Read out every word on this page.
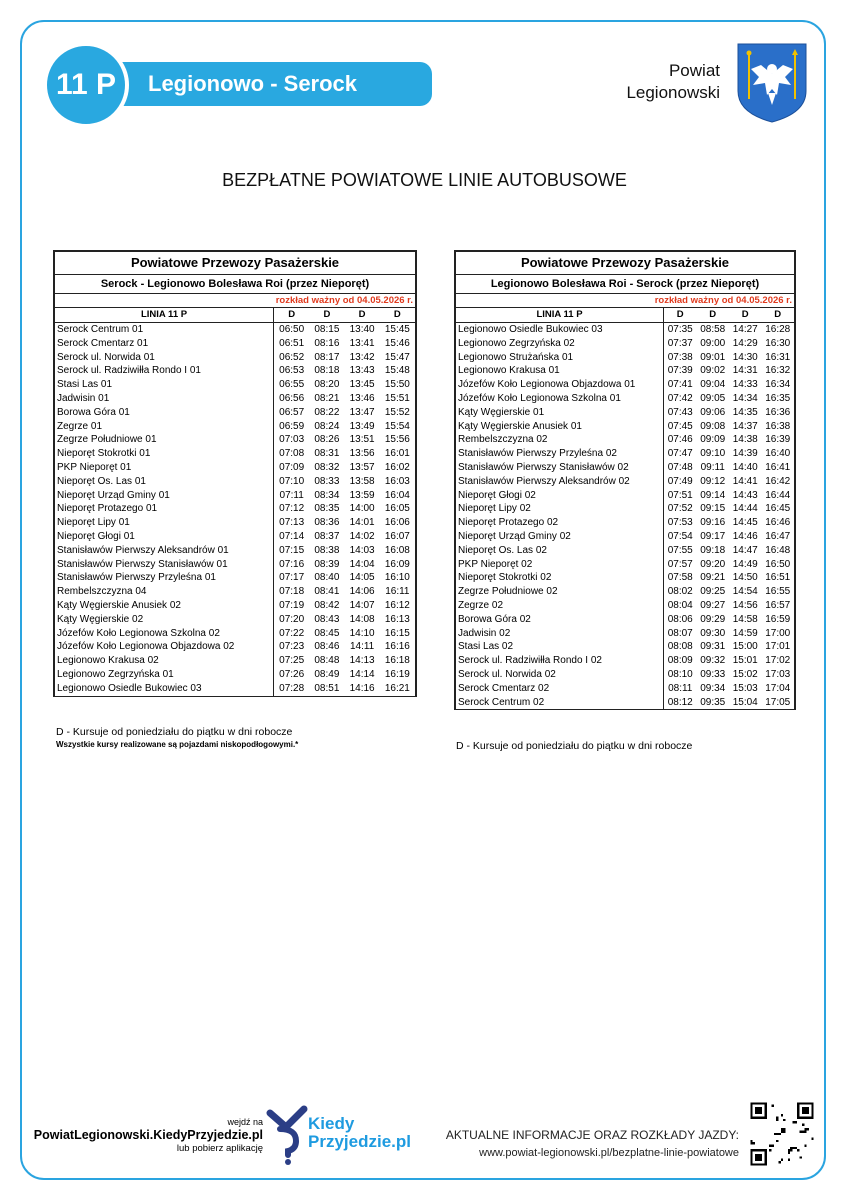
Legionowo - Serock
11 P	Powiat
Legionowski
BEZPŁATNE POWIATOWE LINIE AUTOBUSOWE
Powiatowe Przewozy Pasażerskie				
Serock - Legionowo Bolesława Roi (przez Nieporęt)				
rozkład ważny od 04.05.2026 r.				
LINIA 11 P	D	D	D	D
Serock Centrum 01	06:50	08:15	13:40	15:45
Serock Cmentarz 01	06:51	08:16	13:41	15:46
Serock ul. Norwida 01	06:52	08:17	13:42	15:47
Serock ul. Radziwiłła Rondo I 01	06:53	08:18	13:43	15:48
Stasi Las 01	06:55	08:20	13:45	15:50
Jadwisin 01	06:56	08:21	13:46	15:51
Borowa Góra 01	06:57	08:22	13:47	15:52
Zegrze 01	06:59	08:24	13:49	15:54
Zegrze Południowe 01	07:03	08:26	13:51	15:56
Nieporęt Stokrotki 01	07:08	08:31	13:56	16:01
PKP Nieporęt 01	07:09	08:32	13:57	16:02
Nieporęt Os. Las 01	07:10	08:33	13:58	16:03
Nieporęt Urząd Gminy 01	07:11	08:34	13:59	16:04
Nieporęt Protazego 01	07:12	08:35	14:00	16:05
Nieporęt Lipy 01	07:13	08:36	14:01	16:06
Nieporęt Głogi 01	07:14	08:37	14:02	16:07
Stanisławów Pierwszy Aleksandrów 01	07:15	08:38	14:03	16:08
Stanisławów Pierwszy Stanisławów 01	07:16	08:39	14:04	16:09
Stanisławów Pierwszy Przyleśna 01	07:17	08:40	14:05	16:10
Rembelszczyzna 04	07:18	08:41	14:06	16:11
Kąty Węgierskie Anusiek 02	07:19	08:42	14:07	16:12
Kąty Węgierskie 02	07:20	08:43	14:08	16:13
Józefów Koło Legionowa Szkolna 02	07:22	08:45	14:10	16:15
Józefów Koło Legionowa Objazdowa 02	07:23	08:46	14:11	16:16
Legionowo Krakusa 02	07:25	08:48	14:13	16:18
Legionowo Zegrzyńska 01	07:26	08:49	14:14	16:19
Legionowo Osiedle Bukowiec 03	07:28	08:51	14:16	16:21
D - Kursuje od poniedziału do piątku w dni robocze
Wszystkie kursy realizowane są pojazdami niskopodłogowymi.*
Powiatowe Przewozy Pasażerskie				
Legionowo Bolesława Roi - Serock (przez Nieporęt)				
rozkład ważny od 04.05.2026 r.				
LINIA 11 P	D	D	D	D
Legionowo Osiedle Bukowiec 03	07:35	08:58	14:27	16:28
Legionowo Zegrzyńska 02	07:37	09:00	14:29	16:30
Legionowo Strużańska 01	07:38	09:01	14:30	16:31
Legionowo Krakusa 01	07:39	09:02	14:31	16:32
Józefów Koło Legionowa Objazdowa 01	07:41	09:04	14:33	16:34
Józefów Koło Legionowa Szkolna 01	07:42	09:05	14:34	16:35
Kąty Węgierskie 01	07:43	09:06	14:35	16:36
Kąty Węgierskie Anusiek 01	07:45	09:08	14:37	16:38
Rembelszczyzna 02	07:46	09:09	14:38	16:39
Stanisławów Pierwszy Przyleśna 02	07:47	09:10	14:39	16:40
Stanisławów Pierwszy Stanisławów 02	07:48	09:11	14:40	16:41
Stanisławów Pierwszy Aleksandrów 02	07:49	09:12	14:41	16:42
Nieporęt Głogi 02	07:51	09:14	14:43	16:44
Nieporęt Lipy 02	07:52	09:15	14:44	16:45
Nieporęt Protazego 02	07:53	09:16	14:45	16:46
Nieporęt Urząd Gminy 02	07:54	09:17	14:46	16:47
Nieporęt Os. Las 02	07:55	09:18	14:47	16:48
PKP Nieporęt 02	07:57	09:20	14:49	16:50
Nieporęt Stokrotki 02	07:58	09:21	14:50	16:51
Zegrze Południowe 02	08:02	09:25	14:54	16:55
Zegrze 02	08:04	09:27	14:56	16:57
Borowa Góra 02	08:06	09:29	14:58	16:59
Jadwisin 02	08:07	09:30	14:59	17:00
Stasi Las 02	08:08	09:31	15:00	17:01
Serock ul. Radziwiłła Rondo I 02	08:09	09:32	15:01	17:02
Serock ul. Norwida 02	08:10	09:33	15:02	17:03
Serock Cmentarz 02	08:11	09:34	15:03	17:04
Serock Centrum 02	08:12	09:35	15:04	17:05
D - Kursuje od poniedziału do piątku w dni robocze
wejdź na
PowiatLegionowski.KiedyPrzyjedzie.pl
lub pobierz aplikację
Kiedy
Przyjedzie.pl	AKTUALNE INFORMACJE ORAZ ROZKŁADY JAZDY:
www.powiat-legionowski.pl/bezplatne-linie-powiatowe
